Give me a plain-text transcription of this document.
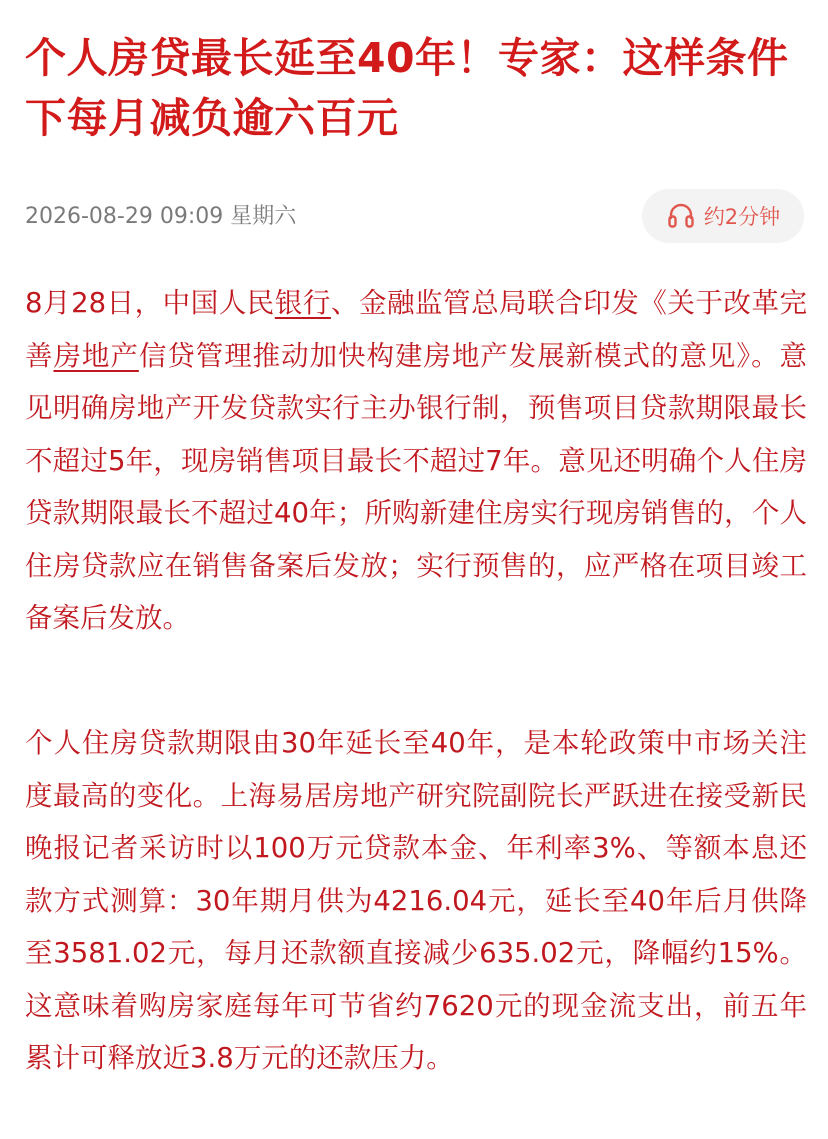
个人房贷最长延至40年！专家：这样条件下每月减负逾六百元
2026-08-29 09:09 星期六	约2分钟

8月28日，中国人民银行、金融监管总局联合印发《关于改革完善房地产信贷管理推动加快构建房地产发展新模式的意见》。意见明确房地产开发贷款实行主办银行制，预售项目贷款期限最长不超过5年，现房销售项目最长不超过7年。意见还明确个人住房贷款期限最长不超过40年；所购新建住房实行现房销售的，个人住房贷款应在销售备案后发放；实行预售的，应严格在项目竣工备案后发放。

个人住房贷款期限由30年延长至40年，是本轮政策中市场关注度最高的变化。上海易居房地产研究院副院长严跃进在接受新民晚报记者采访时以100万元贷款本金、年利率3%、等额本息还款方式测算：30年期月供为4216.04元，延长至40年后月供降至3581.02元，每月还款额直接减少635.02元，降幅约15%。这意味着购房家庭每年可节省约7620元的现金流支出，前五年累计可释放近3.8万元的还款压力。
